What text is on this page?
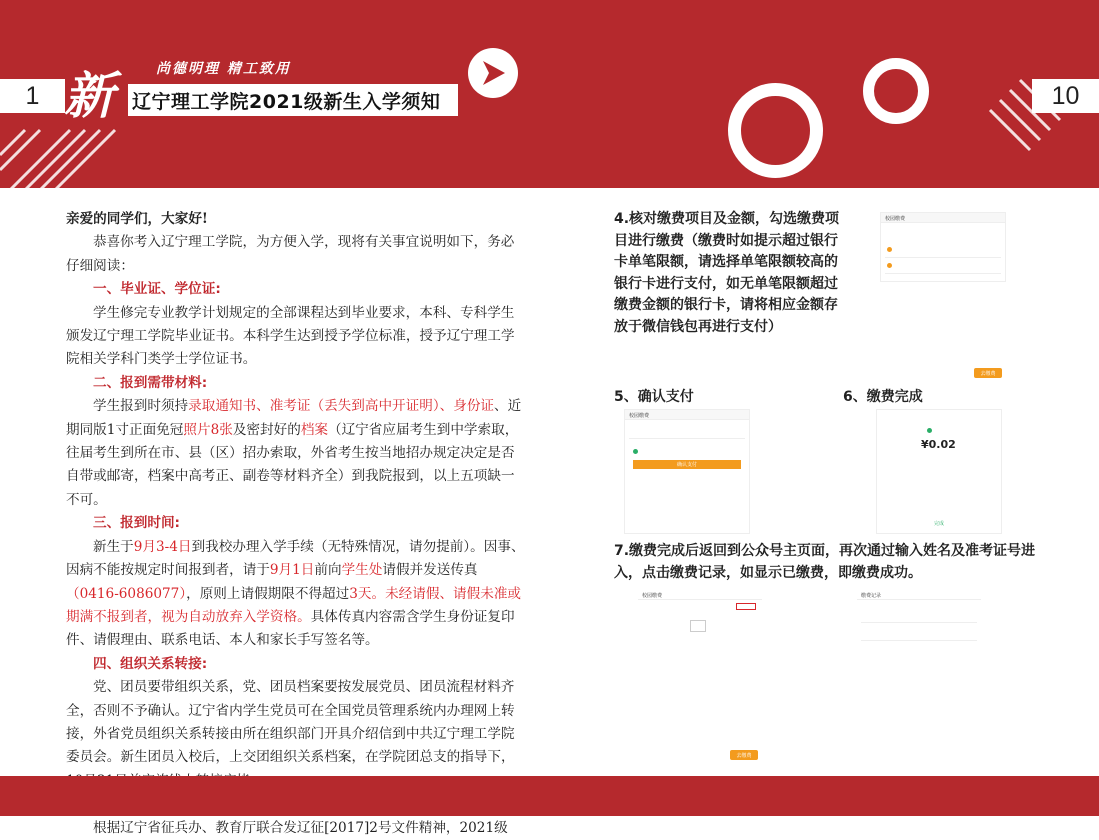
1	10
新	尚德明理 精工致用
辽宁理工学院2021级新生入学须知

亲爱的同学们，大家好!

恭喜你考入辽宁理工学院，为方便入学，现将有关事宜说明如下，务必仔细阅读：

一、毕业证、学位证:

学生修完专业教学计划规定的全部课程达到毕业要求，本科、专科学生颁发辽宁理工学院毕业证书。本科学生达到授予学位标准，授予辽宁理工学院相关学科门类学士学位证书。

二、报到需带材料:

学生报到时须持录取通知书、准考证（丢失到高中开证明）、身份证、近期同版1寸正面免冠照片8张及密封好的档案（辽宁省应届考生到中学索取，往届考生到所在市、县（区）招办索取，外省考生按当地招办规定决定是否自带或邮寄，档案中高考正、副卷等材料齐全）到我院报到，以上五项缺一不可。

三、报到时间:

新生于9月3-4日到我校办理入学手续（无特殊情况，请勿提前）。因事、因病不能按规定时间报到者，请于9月1日前向学生处请假并发送传真（0416-6086077），原则上请假期限不得超过3天。未经请假、请假未准或期满不报到者，视为自动放弃入学资格。具体传真内容需含学生身份证复印件、请假理由、联系电话、本人和家长手写签名等。

四、组织关系转接:

党、团员要带组织关系，党、团员档案要按发展党员、团员流程材料齐全，否则不予确认。辽宁省内学生党员可在全国党员管理系统内办理网上转接，外省党员组织关系转接由所在组织部门开具介绍信到中共辽宁理工学院委员会。新生团员入校后，上交团组织关系档案，在学院团总支的指导下，

根据辽宁省征兵办、教育厅联合发辽征[2017]2号文件精神，2021级

4.核对缴费项目及金额，勾选缴费项目进行缴费（缴费时如提示超过银行卡单笔限额，请选择单笔限额较高的银行卡进行支付，如无单笔限额超过缴费金额的银行卡，请将相应金额存放于微信钱包再进行支付）
校园缴费
去缴费
5、确认支付	6、缴费完成
校园缴费
确认支付
¥0.02
完成
7.缴费完成后返回到公众号主页面，再次通过输入姓名及准考证号进入，点击缴费记录，如显示已缴费，即缴费成功。
校园缴费
去缴费
缴费记录
